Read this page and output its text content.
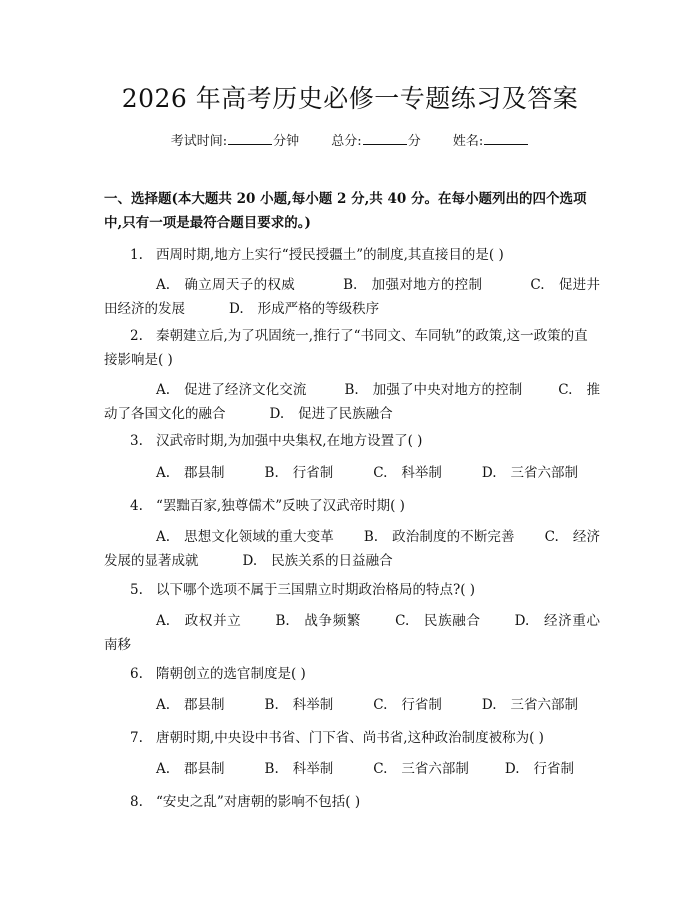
2026 年高考历史必修一专题练习及答案
考试时间:	分钟 总分:	分 姓名:
一、选择题(本大题共 20 小题,每小题 2 分,共 40 分。在每小题列出的四个选项中,只有一项是最符合题目要求的。)
1. 西周时期,地方上实行“授民授疆土”的制度,其直接目的是( )
A. 确立周天子的权威	B. 加强对地方的控制	C. 促进井田经济的发展	D. 形成严格的等级秩序
2. 秦朝建立后,为了巩固统一,推行了“书同文、车同轨”的政策,这一政策的直接影响是( )
A. 促进了经济文化交流	B. 加强了中央对地方的控制	C. 推动了各国文化的融合	D. 促进了民族融合
3. 汉武帝时期,为加强中央集权,在地方设置了( )
A. 郡县制	B. 行省制	C. 科举制	D. 三省六部制
4. “罢黜百家,独尊儒术”反映了汉武帝时期( )
A. 思想文化领域的重大变革 B. 政治制度的不断完善 C. 经济发展的显著成就	D. 民族关系的日益融合
5. 以下哪个选项不属于三国鼎立时期政治格局的特点?( )
A. 政权并立	B. 战争频繁	C. 民族融合	D. 经济重心南移
6. 隋朝创立的选官制度是( )
A. 郡县制	B. 科举制	C. 行省制	D. 三省六部制
7. 唐朝时期,中央设中书省、门下省、尚书省,这种政治制度被称为( )
A. 郡县制	B. 科举制	C. 三省六部制	D. 行省制
8. “安史之乱”对唐朝的影响不包括( )
